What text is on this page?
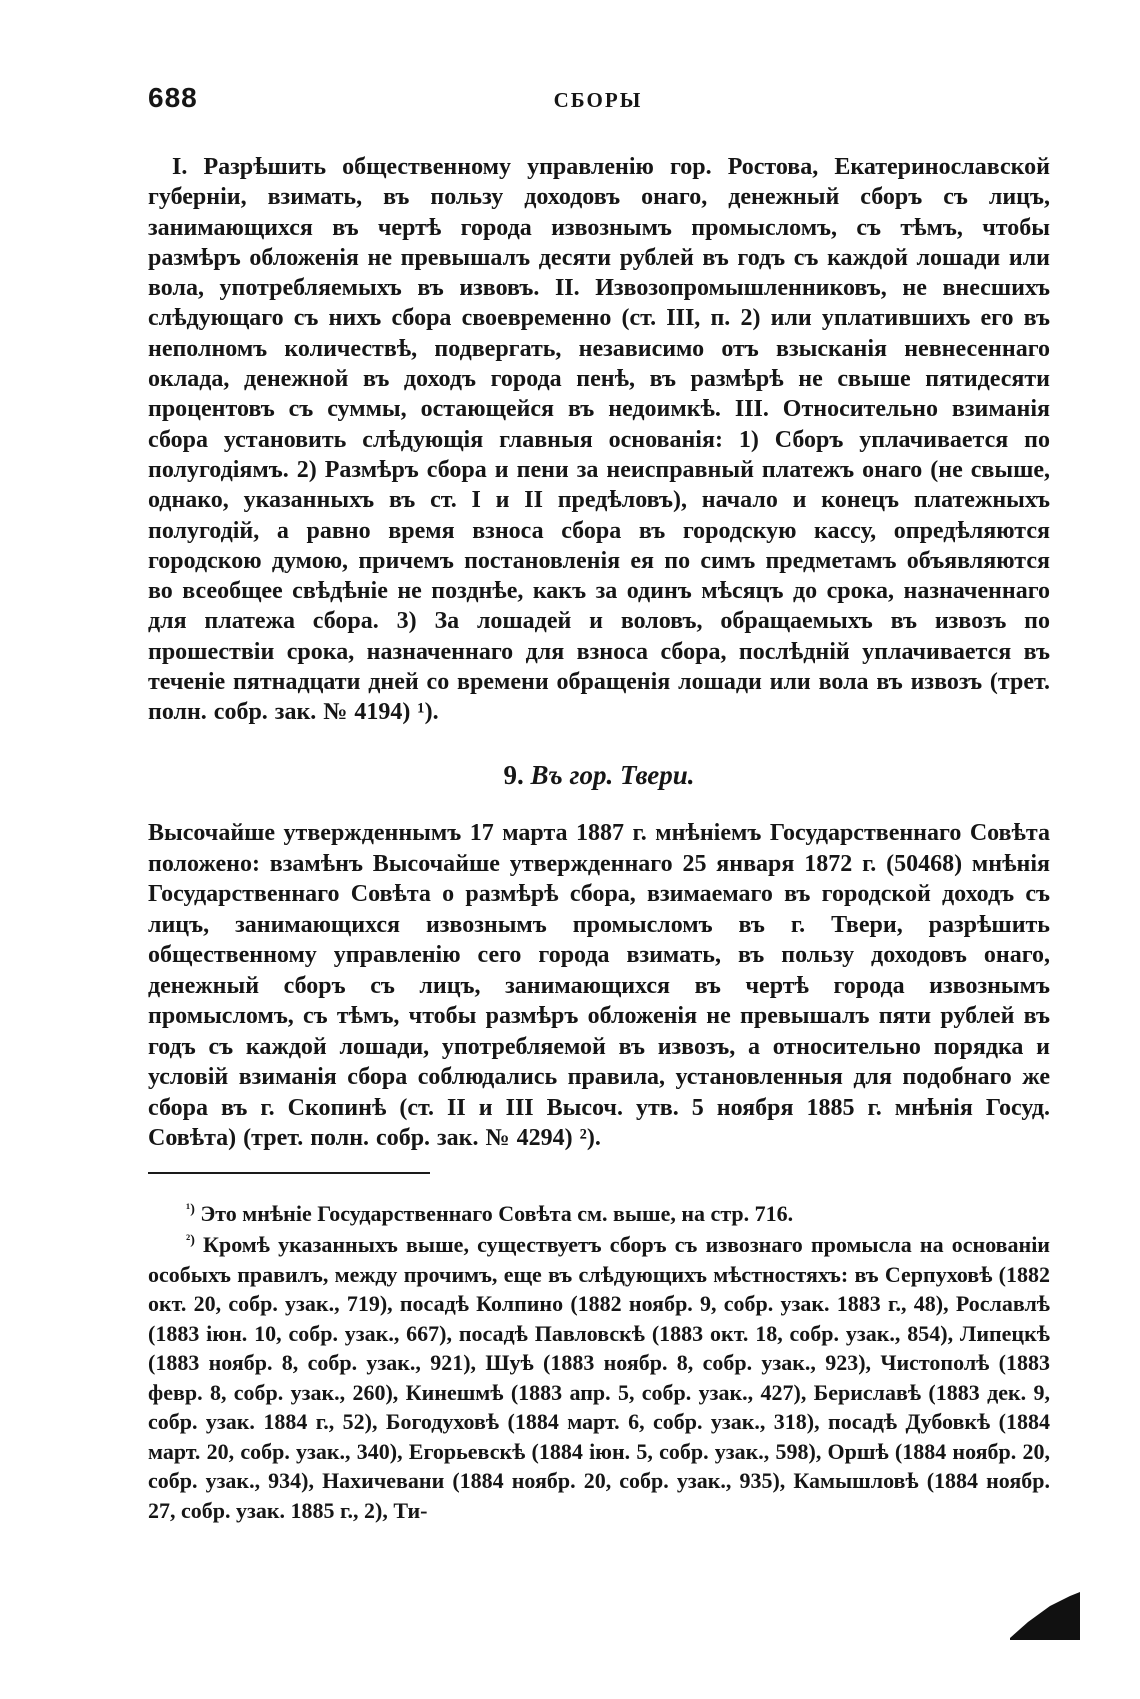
688	СБОРЫ

I. Разрѣшить общественному управленію гор. Ростова, Екатеринославской губерніи, взимать, въ пользу доходовъ онаго, денежный сборъ съ лицъ, занимающихся въ чертѣ города извознымъ промысломъ, съ тѣмъ, чтобы размѣръ обложенія не превышалъ десяти рублей въ годъ съ каждой лошади или вола, употребляемыхъ въ извовъ. II. Извозопромышленниковъ, не внесшихъ слѣдующаго съ нихъ сбора своевременно (ст. III, п. 2) или уплатившихъ его въ неполномъ количествѣ, подвергать, независимо отъ взысканія невнесеннаго оклада, денежной въ доходъ города пенѣ, въ размѣрѣ не свыше пятидесяти процентовъ съ суммы, остающейся въ недоимкѣ. III. Относительно взиманія сбора установить слѣдующія главныя основанія: 1) Сборъ уплачивается по полугодіямъ. 2) Размѣръ сбора и пени за неисправный платежъ онаго (не свыше, однако, указанныхъ въ ст. I и II предѣловъ), начало и конецъ платежныхъ полугодій, а равно время взноса сбора въ городскую кассу, опредѣляются городскою думою, причемъ постановленія ея по симъ предметамъ объявляются во всеобщее свѣдѣніе не позднѣе, какъ за одинъ мѣсяцъ до срока, назначеннаго для платежа сбора. 3) За лошадей и воловъ, обращаемыхъ въ извозъ по прошествіи срока, назначеннаго для взноса сбора, послѣдній уплачивается въ теченіе пятнадцати дней со времени обращенія лошади или вола въ извозъ (трет. полн. собр. зак. № 4194) ¹).

9. Въ гор. Твери.

Высочайше утвержденнымъ 17 марта 1887 г. мнѣніемъ Государственнаго Совѣта положено: взамѣнъ Высочайше утвержденнаго 25 января 1872 г. (50468) мнѣнія Государственнаго Совѣта о размѣрѣ сбора, взимаемаго въ городской доходъ съ лицъ, занимающихся извознымъ промысломъ въ г. Твери, разрѣшить общественному управленію сего города взимать, въ пользу доходовъ онаго, денежный сборъ съ лицъ, занимающихся въ чертѣ города извознымъ промысломъ, съ тѣмъ, чтобы размѣръ обложенія не превышалъ пяти рублей въ годъ съ каждой лошади, употребляемой въ извозъ, а относительно порядка и условій взиманія сбора соблюдались правила, установленныя для подобнаго же сбора въ г. Скопинѣ (ст. II и III Высоч. утв. 5 ноября 1885 г. мнѣнія Госуд. Совѣта) (трет. полн. собр. зак. № 4294) ²).

$^{^1)}$ Это мнѣніе Государственнаго Совѣта см. выше, на стр. 716.

$^{^2)}$ Кромѣ указанныхъ выше, существуетъ сборъ съ извознаго промысла на основаніи особыхъ правилъ, между прочимъ, еще въ слѣдующихъ мѣстностяхъ: въ Серпуховѣ (1882 окт. 20, собр. узак., 719), посадѣ Колпино (1882 ноябр. 9, собр. узак. 1883 г., 48), Рославлѣ (1883 іюн. 10, собр. узак., 667), посадѣ Павловскѣ (1883 окт. 18, собр. узак., 854), Липецкѣ (1883 ноябр. 8, собр. узак., 921), Шуѣ (1883 ноябр. 8, собр. узак., 923), Чистополѣ (1883 февр. 8, собр. узак., 260), Кинешмѣ (1883 апр. 5, собр. узак., 427), Бериславѣ (1883 дек. 9, собр. узак. 1884 г., 52), Богодуховѣ (1884 март. 6, собр. узак., 318), посадѣ Дубовкѣ (1884 март. 20, собр. узак., 340), Егорьевскѣ (1884 іюн. 5, собр. узак., 598), Оршѣ (1884 ноябр. 20, собр. узак., 934), Нахичевани (1884 ноябр. 20, собр. узак., 935), Камышловѣ (1884 ноябр. 27, собр. узак. 1885 г., 2), Ти-
